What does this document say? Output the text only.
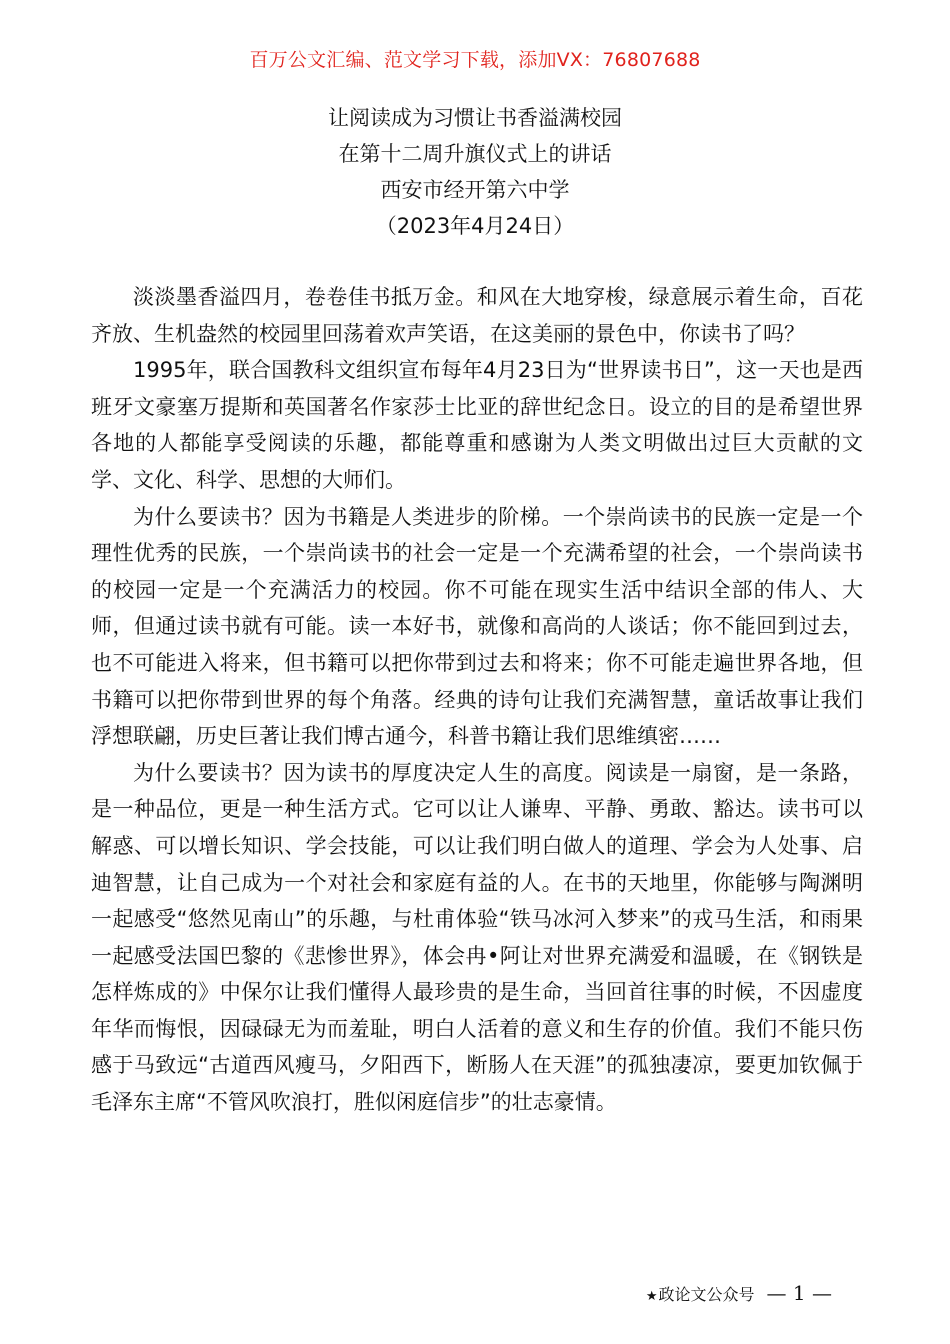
百万公文汇编、范文学习下载，添加VX：76807688
让阅读成为习惯让书香溢满校园
在第十二周升旗仪式上的讲话
西安市经开第六中学
（2023年4月24日）

淡淡墨香溢四月，卷卷佳书抵万金。和风在大地穿梭，绿意展示着生命，百花齐放、生机盎然的校园里回荡着欢声笑语，在这美丽的景色中，你读书了吗？

1995年，联合国教科文组织宣布每年4月23日为“世界读书日”，这一天也是西班牙文豪塞万提斯和英国著名作家莎士比亚的辞世纪念日。设立的目的是希望世界各地的人都能享受阅读的乐趣，都能尊重和感谢为人类文明做出过巨大贡献的文学、文化、科学、思想的大师们。

为什么要读书？因为书籍是人类进步的阶梯。一个崇尚读书的民族一定是一个理性优秀的民族，一个崇尚读书的社会一定是一个充满希望的社会，一个崇尚读书的校园一定是一个充满活力的校园。你不可能在现实生活中结识全部的伟人、大师，但通过读书就有可能。读一本好书，就像和高尚的人谈话；你不能回到过去，也不可能进入将来，但书籍可以把你带到过去和将来；你不可能走遍世界各地，但书籍可以把你带到世界的每个角落。经典的诗句让我们充满智慧，童话故事让我们浮想联翩，历史巨著让我们博古通今，科普书籍让我们思维缜密……

为什么要读书？因为读书的厚度决定人生的高度。阅读是一扇窗，是一条路，是一种品位，更是一种生活方式。它可以让人谦卑、平静、勇敢、豁达。读书可以解惑、可以增长知识、学会技能，可以让我们明白做人的道理、学会为人处事、启迪智慧，让自己成为一个对社会和家庭有益的人。在书的天地里，你能够与陶渊明一起感受“悠然见南山”的乐趣，与杜甫体验“铁马冰河入梦来”的戎马生活，和雨果一起感受法国巴黎的《悲惨世界》，体会冉•阿让对世界充满爱和温暖，在《钢铁是怎样炼成的》中保尔让我们懂得人最珍贵的是生命，当回首往事的时候，不因虚度年华而悔恨，因碌碌无为而羞耻，明白人活着的意义和生存的价值。我们不能只伤感于马致远“古道西风瘦马，夕阳西下，断肠人在天涯”的孤独凄凉，要更加钦佩于毛泽东主席“不管风吹浪打，胜似闲庭信步”的壮志豪情。

★政论文公众号 — 1 —
